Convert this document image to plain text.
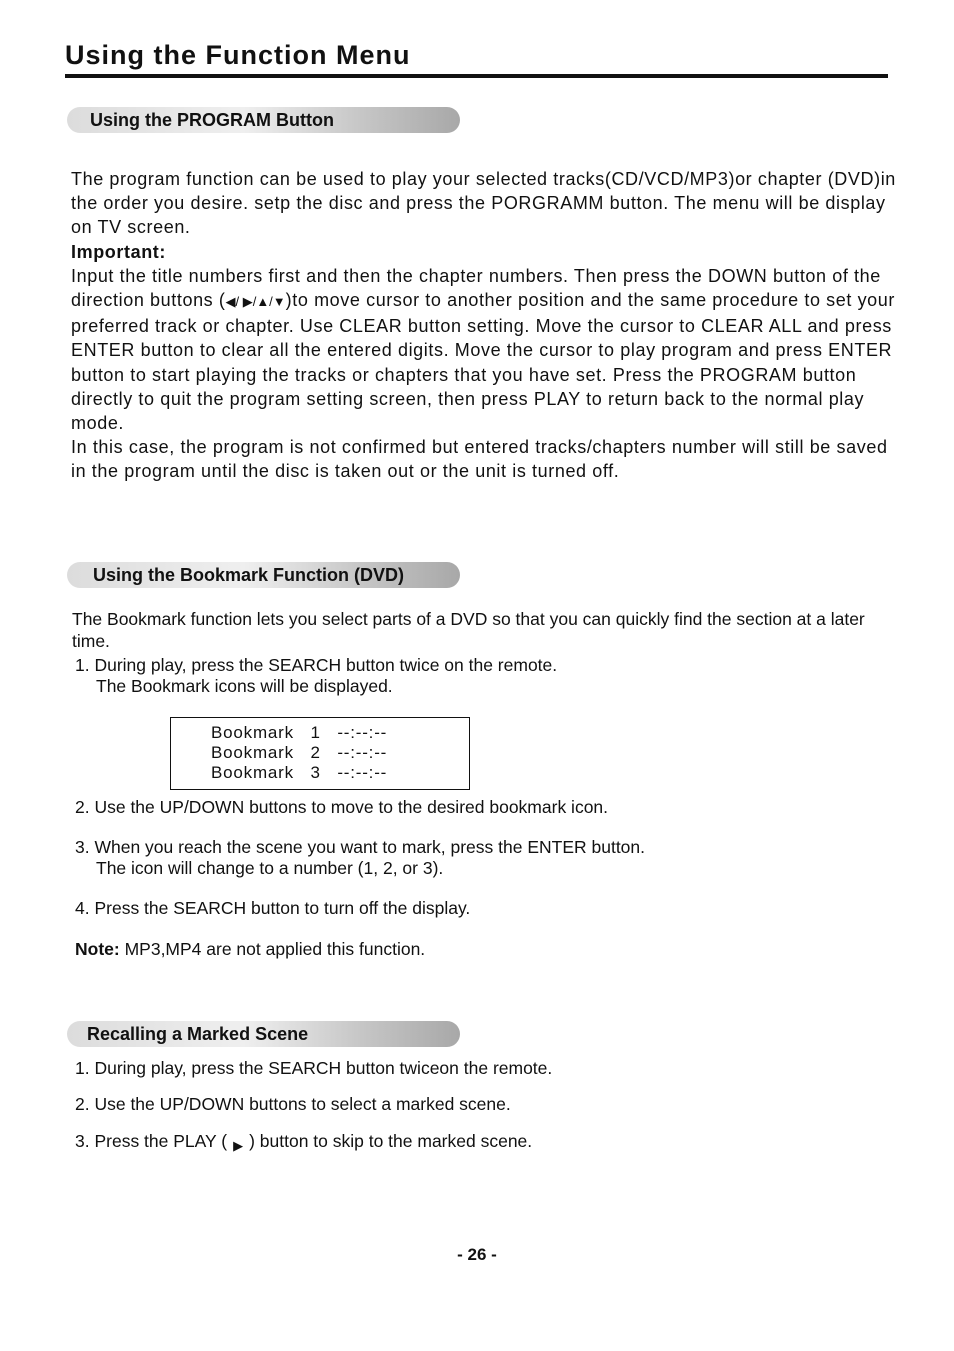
Using the Function Menu
Using the PROGRAM Button

The program function can be used to play your selected tracks(CD/VCD/MP3)or chapter (DVD)in the order you desire. setp the disc and press the PORGRAMM button. The menu will be display on TV screen.

Important:

Input the title numbers first and then the chapter numbers. Then press the DOWN button of the direction buttons (◀/ ▶/▲/▼)to move cursor to another position and the same procedure to set your preferred track or chapter. Use CLEAR button setting. Move the cursor to CLEAR ALL and press ENTER button to clear all the entered digits. Move the cursor to play program and press ENTER button to start playing the tracks or chapters that you have set. Press the PROGRAM button directly to quit the program setting screen, then press PLAY to return back to the normal play mode.

In this case, the program is not confirmed but entered tracks/chapters number will still be saved in the program until the disc is taken out or the unit is turned off.

Using the Bookmark Function (DVD)
The Bookmark function lets you select parts of a DVD so that you can quickly find the section at a later time.
1. During play, press the SEARCH button twice on the remote.
The Bookmark icons will be displayed.
Bookmark   1   --:--:--
Bookmark   2   --:--:--
Bookmark   3   --:--:--
2. Use the UP/DOWN buttons to move to the desired bookmark icon.
3. When you reach the scene you want to mark, press the ENTER button.
The icon will change to a number (1, 2, or 3).
4. Press the SEARCH button to turn off the display.
Note: MP3,MP4 are not applied this function.
Recalling a Marked Scene
1. During play, press the SEARCH button twiceon the remote.
2. Use the UP/DOWN buttons to select a marked scene.
3. Press the PLAY ( ▶ ) button to skip to the marked scene.
- 26 -
